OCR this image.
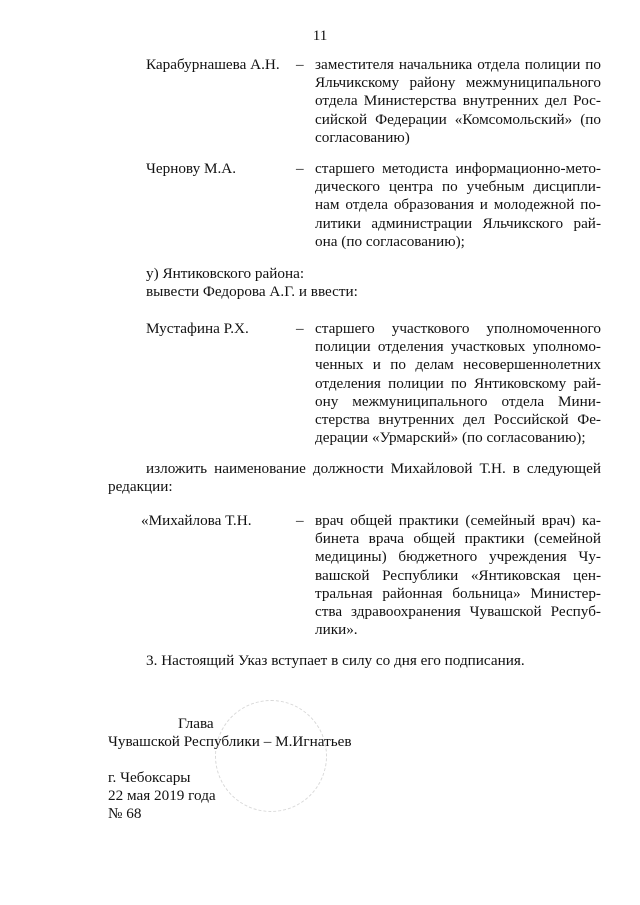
11
Карабурнашева А.Н. – заместителя начальника отдела полиции по
Яльчикскому району межмуниципального
отдела Министерства внутренних дел Рос-
сийской Федерации «Комсомольский» (по
согласованию)
Чернову М.А.	– старшего методиста информационно-мето-
дического центра по учебным дисципли-
нам отдела образования и молодежной по-
литики администрации Яльчикского рай-
она (по согласованию);
у) Янтиковского района:
вывести Федорова А.Г. и ввести:
Мустафина Р.Х.	– старшего участкового уполномоченного
полиции отделения участковых уполномо-
ченных и по делам несовершеннолетних
отделения полиции по Янтиковскому рай-
ону межмуниципального отдела Мини-
стерства внутренних дел Российской Фе-
дерации «Урмарский» (по согласованию);
изложить наименование должности Михайловой Т.Н. в следующей
редакции:
«Михайлова Т.Н.	– врач общей практики (семейный врач) ка-
бинета врача общей практики (семейной
медицины) бюджетного учреждения Чу-
вашской Республики «Янтиковская цен-
тральная районная больница» Министер-
ства здравоохранения Чувашской Респуб-
лики».
3. Настоящий Указ вступает в силу со дня его подписания.
Глава
Чувашской Республики – М.Игнатьев
г. Чебоксары
22 мая 2019 года
№ 68
